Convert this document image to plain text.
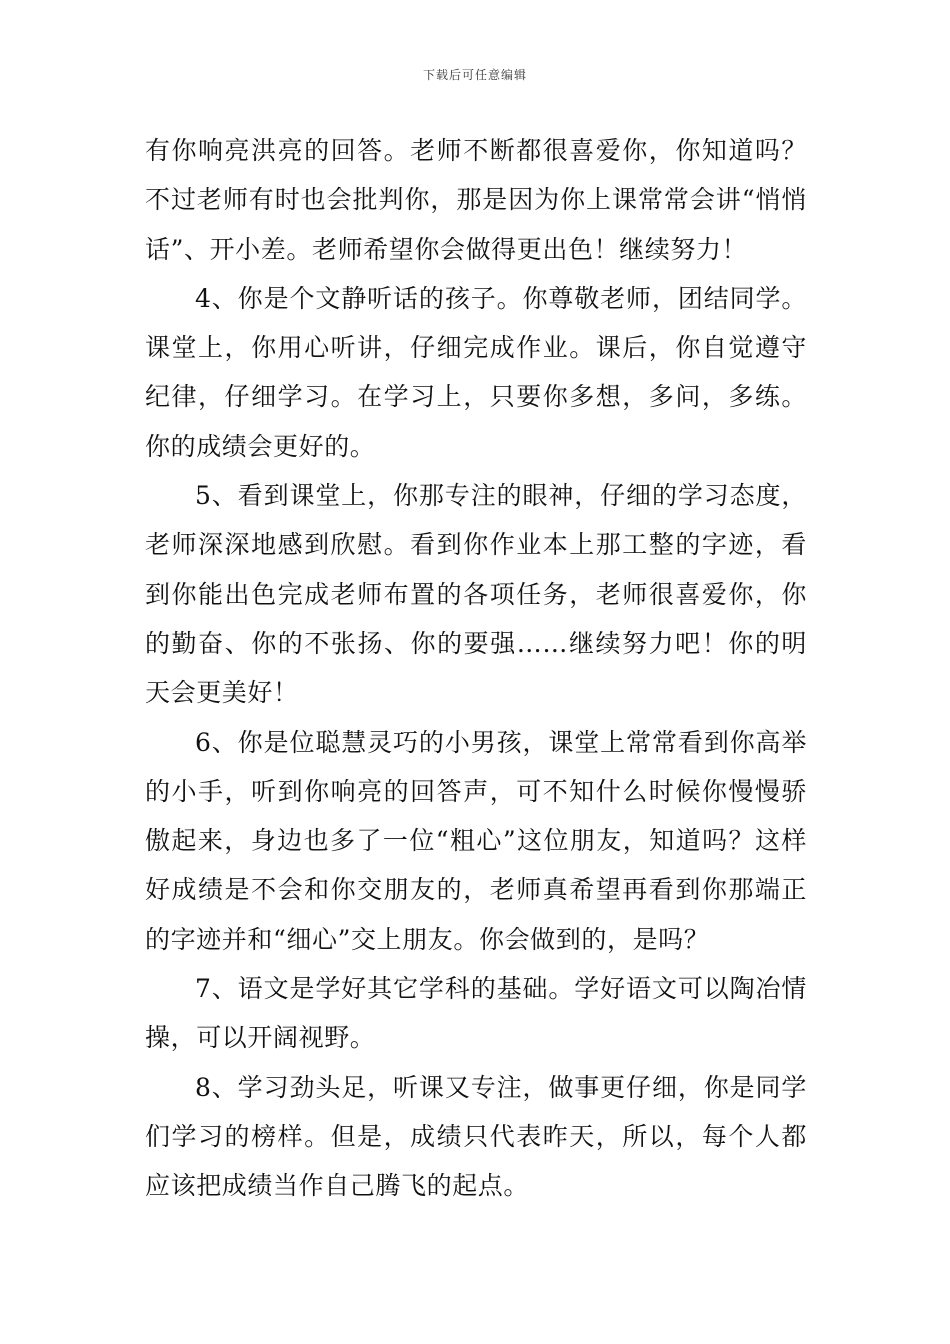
下载后可任意编辑

有你响亮洪亮的回答。老师不断都很喜爱你，你知道吗？不过老师有时也会批判你，那是因为你上课常常会讲“悄悄话”、开小差。老师希望你会做得更出色！继续努力！

4、你是个文静听话的孩子。你尊敬老师，团结同学。课堂上，你用心听讲，仔细完成作业。课后，你自觉遵守纪律，仔细学习。在学习上，只要你多想，多问，多练。你的成绩会更好的。

5、看到课堂上，你那专注的眼神，仔细的学习态度，老师深深地感到欣慰。看到你作业本上那工整的字迹，看到你能出色完成老师布置的各项任务，老师很喜爱你，你的勤奋、你的不张扬、你的要强……继续努力吧！你的明天会更美好！

6、你是位聪慧灵巧的小男孩，课堂上常常看到你高举的小手，听到你响亮的回答声，可不知什么时候你慢慢骄傲起来，身边也多了一位“粗心”这位朋友，知道吗？这样好成绩是不会和你交朋友的，老师真希望再看到你那端正的字迹并和“细心”交上朋友。你会做到的，是吗？

7、语文是学好其它学科的基础。学好语文可以陶冶情操，可以开阔视野。

8、学习劲头足，听课又专注，做事更仔细，你是同学们学习的榜样。但是，成绩只代表昨天，所以，每个人都应该把成绩当作自己腾飞的起点。
